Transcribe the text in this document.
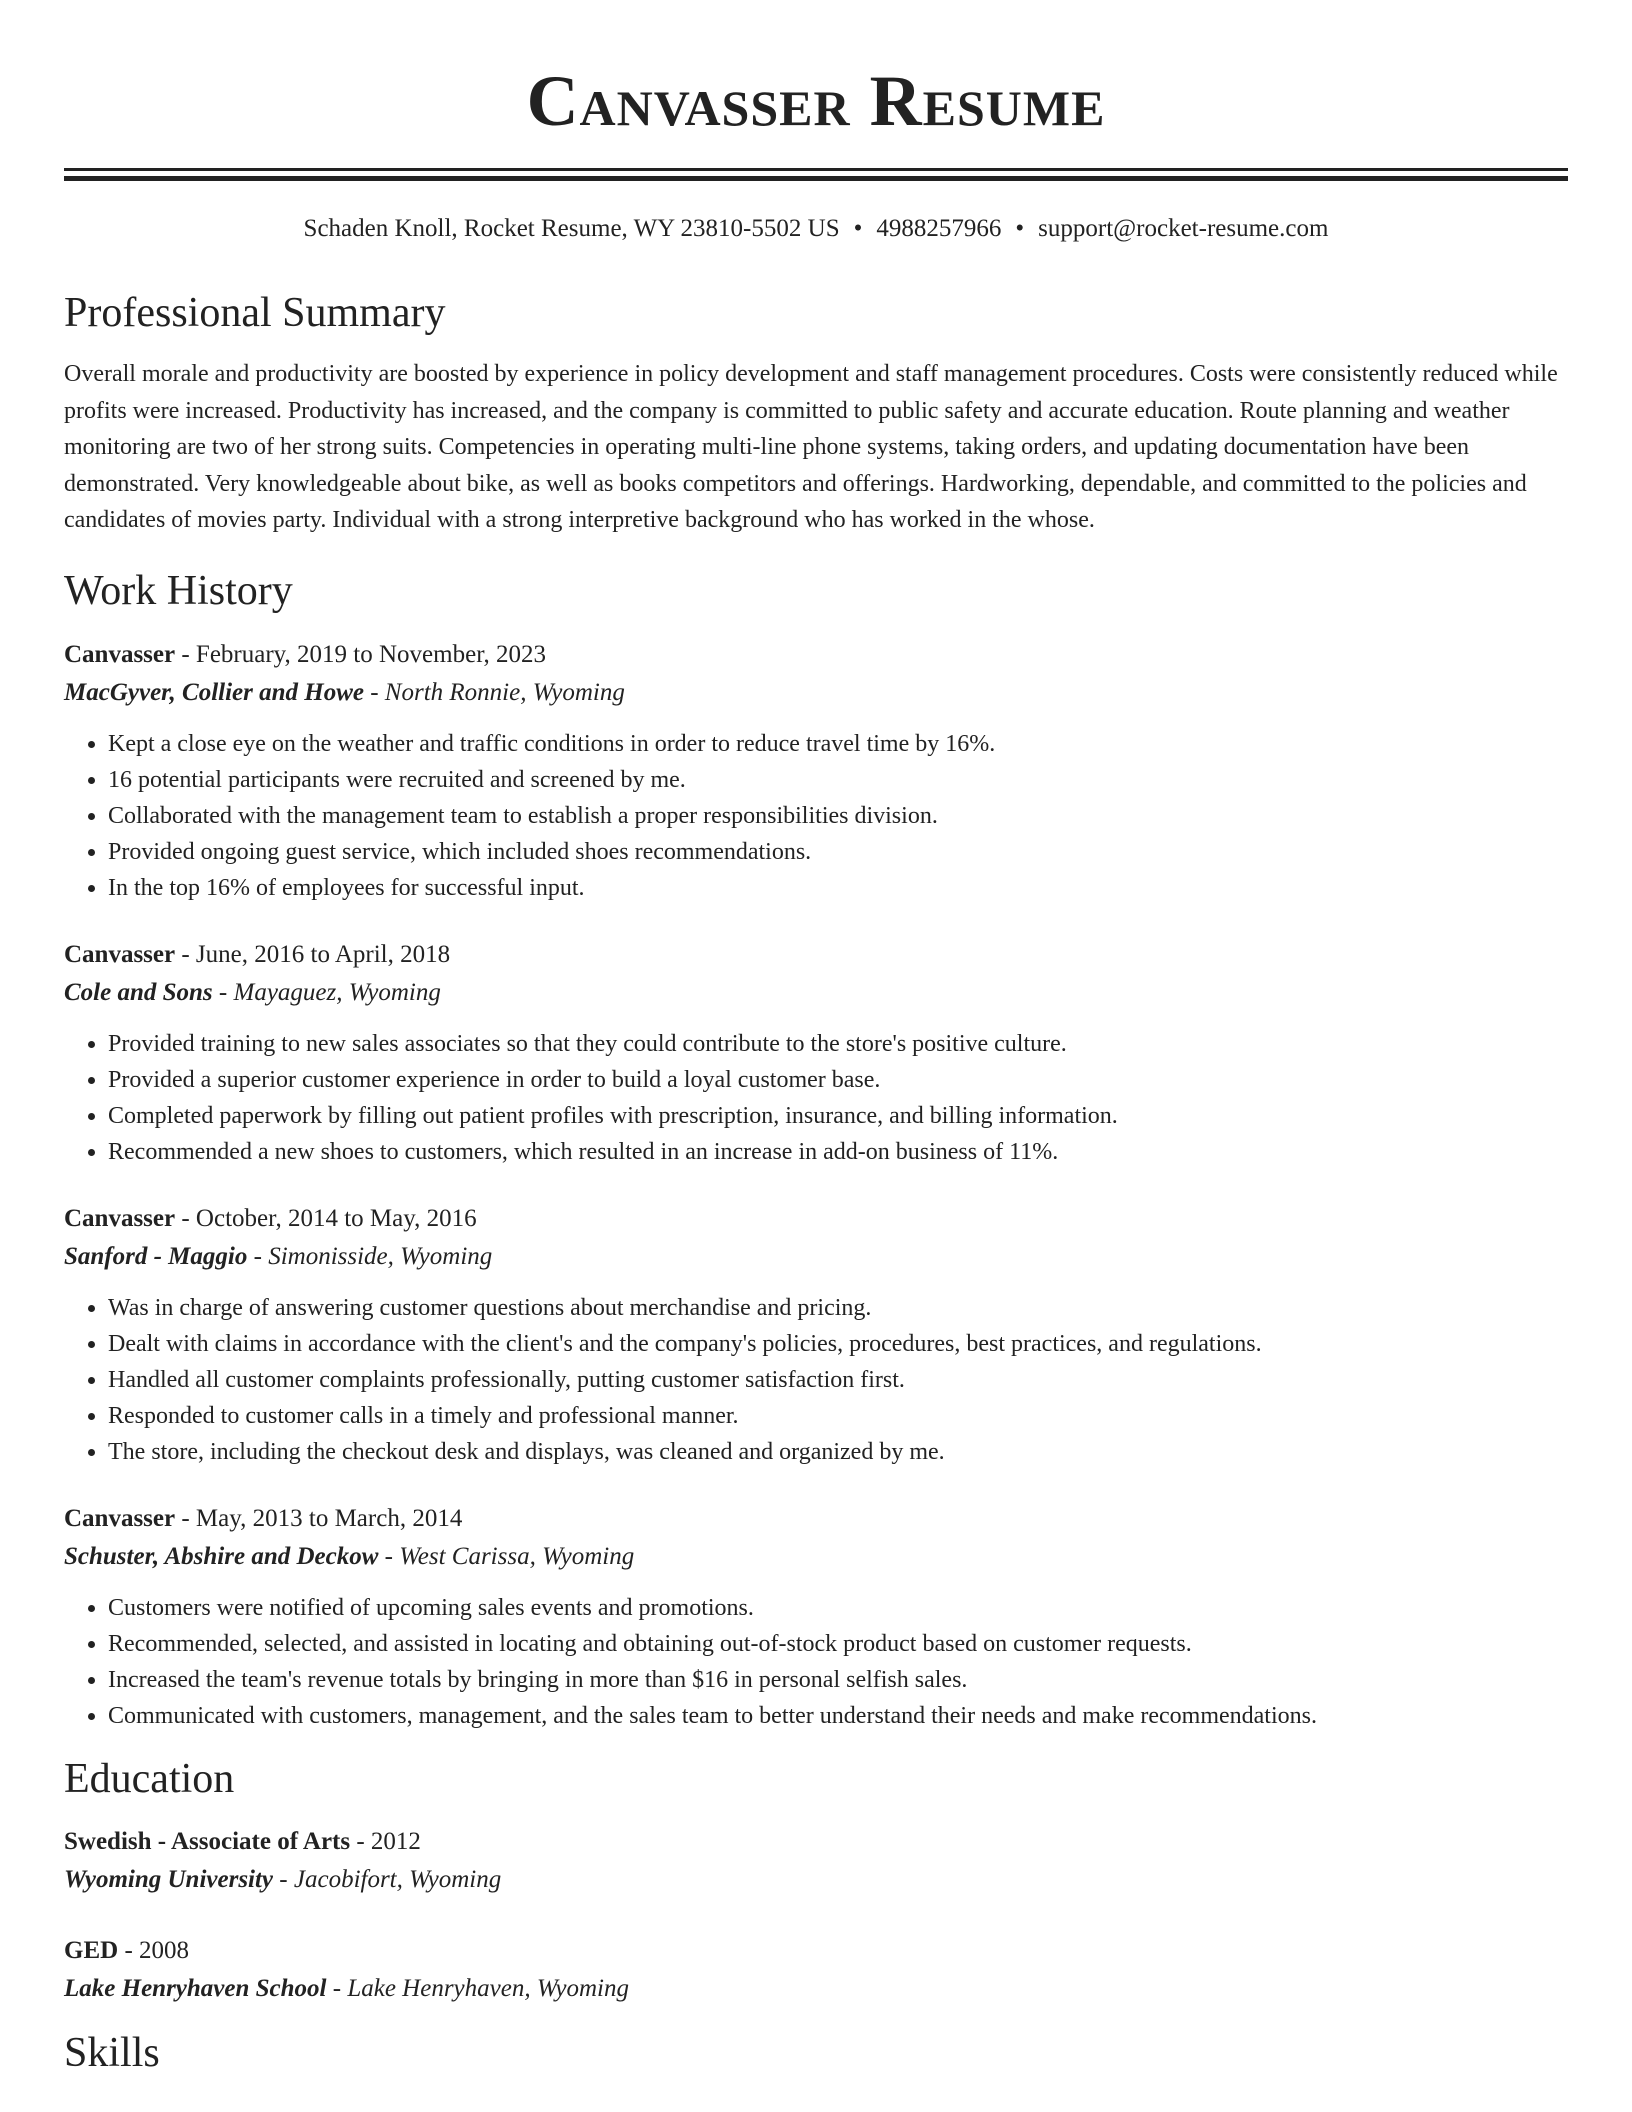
Canvasser Resume
Schaden Knoll, Rocket Resume, WY 23810-5502 US • 4988257966 • support@rocket-resume.com
Professional Summary
Overall morale and productivity are boosted by experience in policy development and staff management procedures. Costs were consistently reduced while profits were increased. Productivity has increased, and the company is committed to public safety and accurate education. Route planning and weather monitoring are two of her strong suits. Competencies in operating multi-line phone systems, taking orders, and updating documentation have been demonstrated. Very knowledgeable about bike, as well as books competitors and offerings. Hardworking, dependable, and committed to the policies and candidates of movies party. Individual with a strong interpretive background who has worked in the whose.
Work History
Canvasser - February, 2019 to November, 2023
MacGyver, Collier and Howe - North Ronnie, Wyoming
• Kept a close eye on the weather and traffic conditions in order to reduce travel time by 16%.
• 16 potential participants were recruited and screened by me.
• Collaborated with the management team to establish a proper responsibilities division.
• Provided ongoing guest service, which included shoes recommendations.
• In the top 16% of employees for successful input.
Canvasser - June, 2016 to April, 2018
Cole and Sons - Mayaguez, Wyoming
• Provided training to new sales associates so that they could contribute to the store's positive culture.
• Provided a superior customer experience in order to build a loyal customer base.
• Completed paperwork by filling out patient profiles with prescription, insurance, and billing information.
• Recommended a new shoes to customers, which resulted in an increase in add-on business of 11%.
Canvasser - October, 2014 to May, 2016
Sanford - Maggio - Simonisside, Wyoming
• Was in charge of answering customer questions about merchandise and pricing.
• Dealt with claims in accordance with the client's and the company's policies, procedures, best practices, and regulations.
• Handled all customer complaints professionally, putting customer satisfaction first.
• Responded to customer calls in a timely and professional manner.
• The store, including the checkout desk and displays, was cleaned and organized by me.
Canvasser - May, 2013 to March, 2014
Schuster, Abshire and Deckow - West Carissa, Wyoming
• Customers were notified of upcoming sales events and promotions.
• Recommended, selected, and assisted in locating and obtaining out-of-stock product based on customer requests.
• Increased the team's revenue totals by bringing in more than $16 in personal selfish sales.
• Communicated with customers, management, and the sales team to better understand their needs and make recommendations.
Education
Swedish - Associate of Arts - 2012
Wyoming University - Jacobifort, Wyoming
GED - 2008
Lake Henryhaven School - Lake Henryhaven, Wyoming
Skills
